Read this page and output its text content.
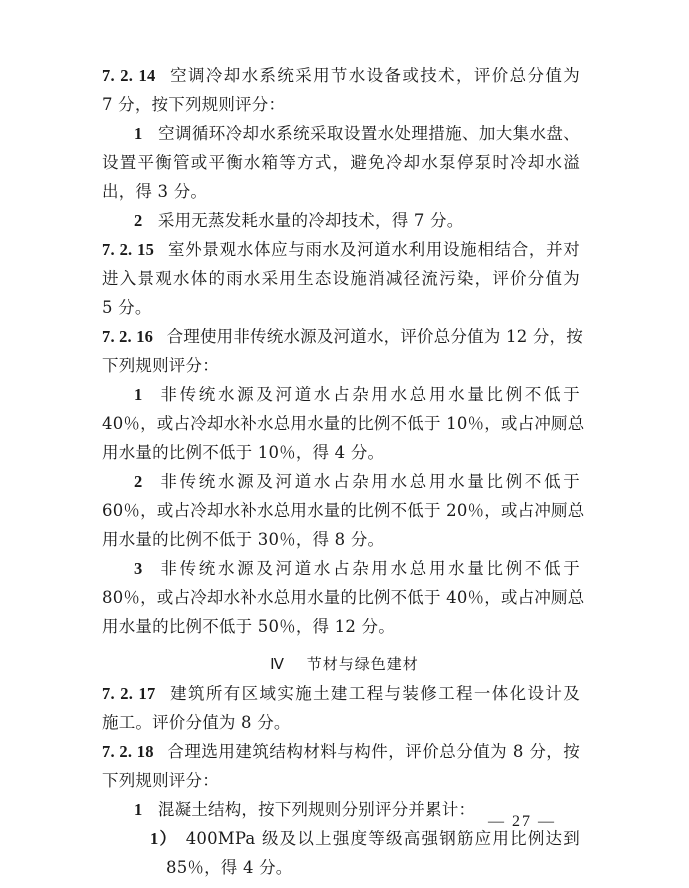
7. 2. 14 空调冷却水系统采用节水设备或技术，评价总分值为
7 分，按下列规则评分：
1 空调循环冷却水系统采取设置水处理措施、加大集水盘、
设置平衡管或平衡水箱等方式，避免冷却水泵停泵时冷却水溢
出，得 3 分。
2 采用无蒸发耗水量的冷却技术，得 7 分。
7. 2. 15 室外景观水体应与雨水及河道水利用设施相结合，并对
进入景观水体的雨水采用生态设施消减径流污染，评价分值为
5 分。
7. 2. 16 合理使用非传统水源及河道水，评价总分值为 12 分，按
下列规则评分：
1 非传统水源及河道水占杂用水总用水量比例不低于
40％，或占冷却水补水总用水量的比例不低于 10％，或占冲厕总
用水量的比例不低于 10％，得 4 分。
2 非传统水源及河道水占杂用水总用水量比例不低于
60％，或占冷却水补水总用水量的比例不低于 20％，或占冲厕总
用水量的比例不低于 30％，得 8 分。
3 非传统水源及河道水占杂用水总用水量比例不低于
80％，或占冷却水补水总用水量的比例不低于 40％，或占冲厕总
用水量的比例不低于 50％，得 12 分。
Ⅳ 节材与绿色建材
7. 2. 17 建筑所有区域实施土建工程与装修工程一体化设计及
施工。评价分值为 8 分。
7. 2. 18 合理选用建筑结构材料与构件，评价总分值为 8 分，按
下列规则评分：
1 混凝土结构，按下列规则分别评分并累计：
1） 400MPa 级及以上强度等级高强钢筋应用比例达到
85％，得 4 分。
— 27 —
